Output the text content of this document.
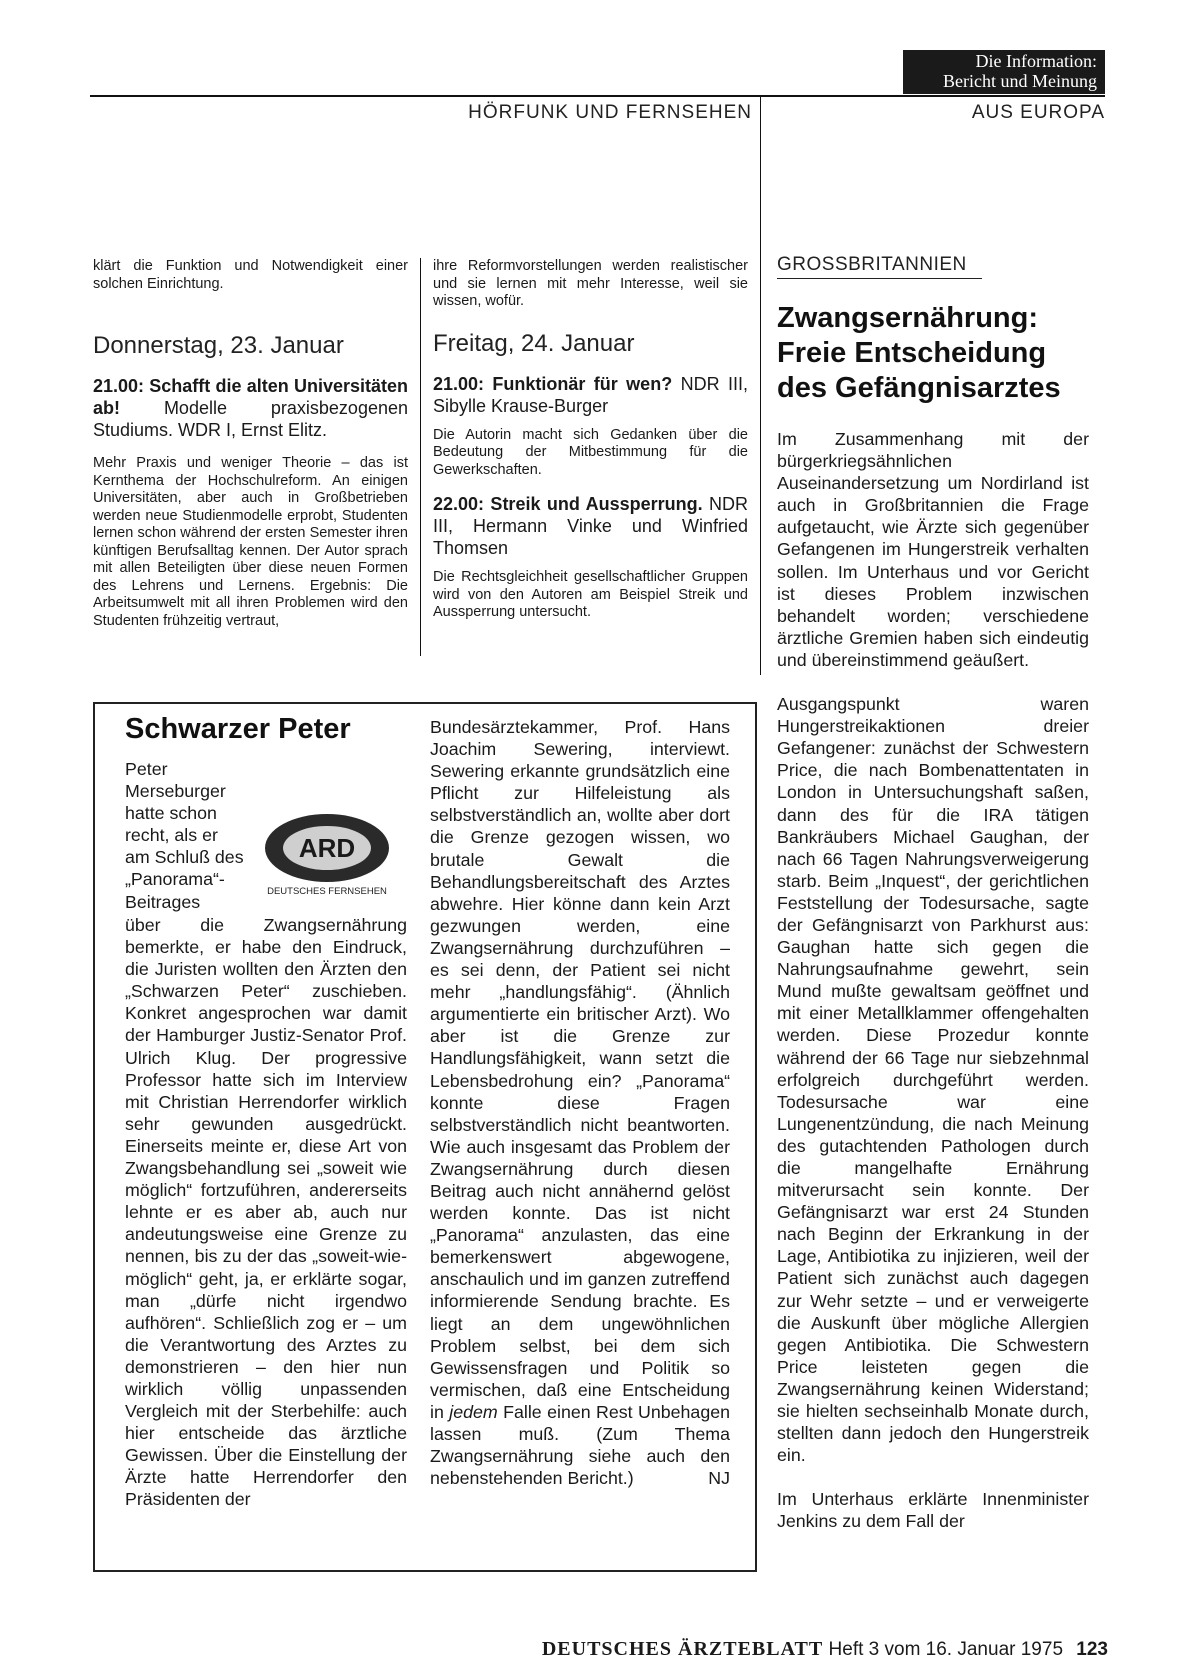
Die Information:
Bericht und Meinung
HÖRFUNK UND FERNSEHEN	AUS EUROPA

klärt die Funktion und Notwendigkeit einer solchen Einrichtung.

Donnerstag, 23. Januar

21.00: Schafft die alten Universitäten ab! Modelle praxisbezogenen Studiums. WDR I, Ernst Elitz.

Mehr Praxis und weniger Theorie – das ist Kernthema der Hochschulreform. An einigen Universitäten, aber auch in Großbetrieben werden neue Studienmodelle erprobt, Studenten lernen schon während der ersten Semester ihren künftigen Berufsalltag kennen. Der Autor sprach mit allen Beteiligten über diese neuen Formen des Lehrens und Lernens. Ergebnis: Die Arbeitsumwelt mit all ihren Problemen wird den Studenten frühzeitig vertraut,

ihre Reformvorstellungen werden realistischer und sie lernen mit mehr Interesse, weil sie wissen, wofür.

Freitag, 24. Januar

21.00: Funktionär für wen? NDR III, Sibylle Krause-Burger

Die Autorin macht sich Gedanken über die Bedeutung der Mitbestimmung für die Gewerkschaften.

22.00: Streik und Aussperrung. NDR III, Hermann Vinke und Winfried Thomsen

Die Rechtsgleichheit gesellschaftlicher Gruppen wird von den Autoren am Beispiel Streik und Aussperrung untersucht.

GROSSBRITANNIEN
Zwangsernährung:
Freie Entscheidung
des Gefängnisarztes

Im Zusammenhang mit der bürgerkriegsähnlichen Auseinandersetzung um Nordirland ist auch in Großbritannien die Frage aufgetaucht, wie Ärzte sich gegenüber Gefangenen im Hungerstreik verhalten sollen. Im Unterhaus und vor Gericht ist dieses Problem inzwischen behandelt worden; verschiedene ärztliche Gremien haben sich eindeutig und übereinstimmend geäußert.

Ausgangspunkt waren Hungerstreikaktionen dreier Gefangener: zunächst der Schwestern Price, die nach Bombenattentaten in London in Untersuchungshaft saßen, dann des für die IRA tätigen Bankräubers Michael Gaughan, der nach 66 Tagen Nahrungsverweigerung starb. Beim „Inquest“, der gerichtlichen Feststellung der Todesursache, sagte der Gefängnisarzt von Parkhurst aus: Gaughan hatte sich gegen die Nahrungsaufnahme gewehrt, sein Mund mußte gewaltsam geöffnet und mit einer Metallklammer offengehalten werden. Diese Prozedur konnte während der 66 Tage nur siebzehnmal erfolgreich durchgeführt werden. Todesursache war eine Lungenentzündung, die nach Meinung des gutachtenden Pathologen durch die mangelhafte Ernährung mitverursacht sein konnte. Der Gefängnisarzt war erst 24 Stunden nach Beginn der Erkrankung in der Lage, Antibiotika zu injizieren, weil der Patient sich zunächst auch dagegen zur Wehr setzte – und er verweigerte die Auskunft über mögliche Allergien gegen Antibiotika. Die Schwestern Price leisteten gegen die Zwangsernährung keinen Widerstand; sie hielten sechseinhalb Monate durch, stellten dann jedoch den Hungerstreik ein.

Im Unterhaus erklärte Innenminister Jenkins zu dem Fall der

Schwarzer Peter
ARD
DEUTSCHES FERNSEHEN
Peter
Merseburger
hatte schon
recht, als er
am Schluß des
„Panorama“-
Beitrages

über die Zwangsernährung bemerkte, er habe den Eindruck, die Juristen wollten den Ärzten den „Schwarzen Peter“ zuschieben. Konkret angesprochen war damit der Hamburger Justiz-Senator Prof. Ulrich Klug. Der progressive Professor hatte sich im Interview mit Christian Herrendorfer wirklich sehr gewunden ausgedrückt. Einerseits meinte er, diese Art von Zwangsbehandlung sei „soweit wie möglich“ fortzuführen, andererseits lehnte er es aber ab, auch nur andeutungsweise eine Grenze zu nennen, bis zu der das „soweit-wie-möglich“ geht, ja, er erklärte sogar, man „dürfe nicht irgendwo aufhören“. Schließlich zog er – um die Verantwortung des Arztes zu demonstrieren – den hier nun wirklich völlig unpassenden Vergleich mit der Sterbehilfe: auch hier entscheide das ärztliche Gewissen. Über die Einstellung der Ärzte hatte Herrendorfer den Präsidenten der

Bundesärztekammer, Prof. Hans Joachim Sewering, interviewt. Sewering erkannte grundsätzlich eine Pflicht zur Hilfeleistung als selbstverständlich an, wollte aber dort die Grenze gezogen wissen, wo brutale Gewalt die Behandlungsbereitschaft des Arztes abwehre. Hier könne dann kein Arzt gezwungen werden, eine Zwangsernährung durchzuführen – es sei denn, der Patient sei nicht mehr „handlungsfähig“. (Ähnlich argumentierte ein britischer Arzt). Wo aber ist die Grenze zur Handlungsfähigkeit, wann setzt die Lebensbedrohung ein? „Panorama“ konnte diese Fragen selbstverständlich nicht beantworten. Wie auch insgesamt das Problem der Zwangsernährung durch diesen Beitrag auch nicht annähernd gelöst werden konnte. Das ist nicht „Panorama“ anzulasten, das eine bemerkenswert abgewogene, anschaulich und im ganzen zutreffend informierende Sendung brachte. Es liegt an dem ungewöhnlichen Problem selbst, bei dem sich Gewissensfragen und Politik so vermischen, daß eine Entscheidung in jedem Falle einen Rest Unbehagen lassen muß. (Zum Thema Zwangsernährung siehe auch den nebenstehenden Bericht.)	NJ
DEUTSCHES ÄRZTEBLATT Heft 3 vom 16. Januar 1975 123
